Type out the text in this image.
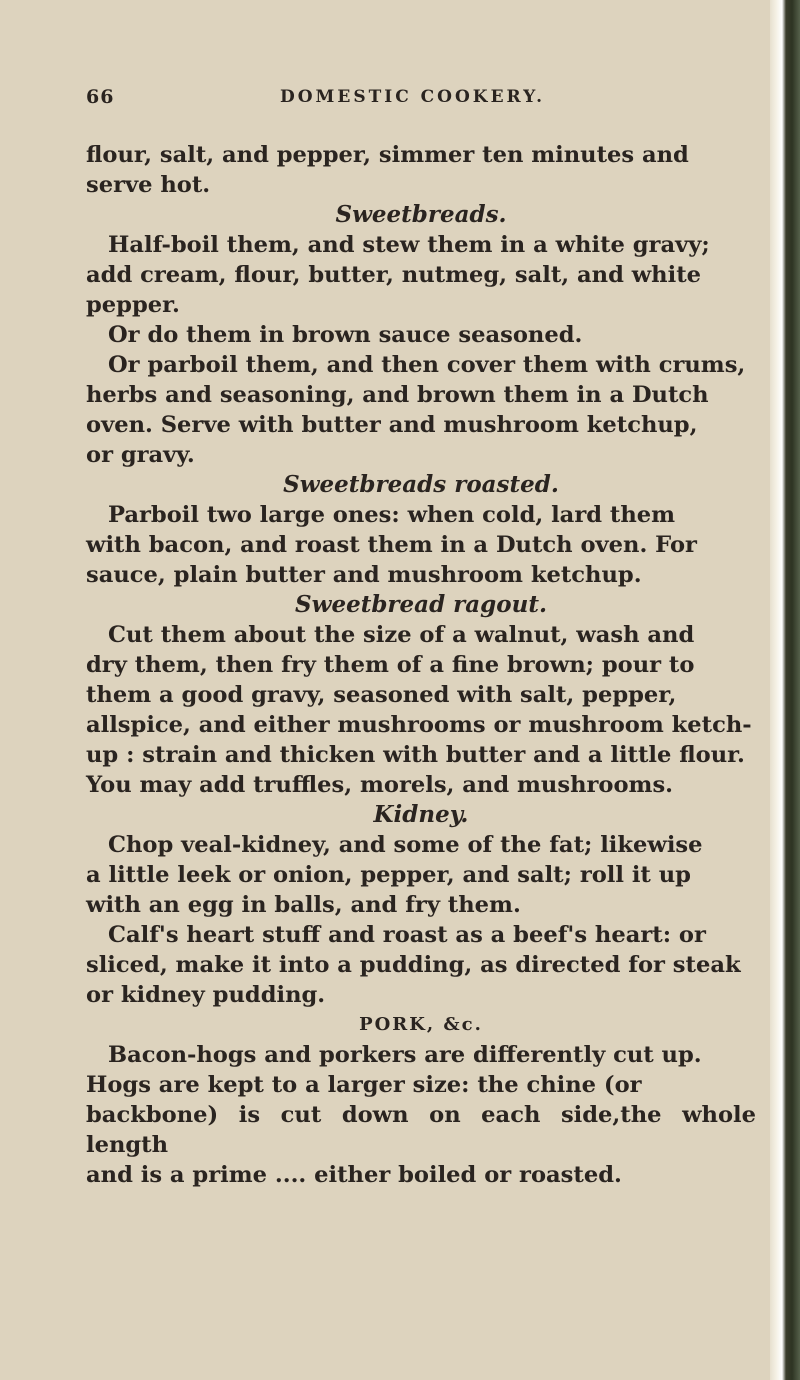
66	DOMESTIC COOKERY.

flour, salt, and pepper, simmer ten minutes and
serve hot.

Sweetbreads.

Half-boil them, and stew them in a white gravy;
add cream, flour, butter, nutmeg, salt, and white
pepper.

Or do them in brown sauce seasoned.

Or parboil them, and then cover them with crums,
herbs and seasoning, and brown them in a Dutch
oven. Serve with butter and mushroom ketchup,
or gravy.

Sweetbreads roasted.

Parboil two large ones: when cold, lard them
with bacon, and roast them in a Dutch oven. For
sauce, plain butter and mushroom ketchup.

Sweetbread ragout.

Cut them about the size of a walnut, wash and
dry them, then fry them of a fine brown; pour to
them a good gravy, seasoned with salt, pepper,
allspice, and either mushrooms or mushroom ketch-
up : strain and thicken with butter and a little flour.
You may add truffles, morels, and mushrooms.

Kidney.

Chop veal-kidney, and some of the fat; likewise
a little leek or onion, pepper, and salt; roll it up
with an egg in balls, and fry them.

Calf's heart stuff and roast as a beef's heart: or
sliced, make it into a pudding, as directed for steak
or kidney pudding.

PORK, &c.

Bacon-hogs and porkers are differently cut up.
Hogs are kept to a larger size: the chine (or
backbone) is cut down on each side,the whole length
and is a prime .... either boiled or roasted.
